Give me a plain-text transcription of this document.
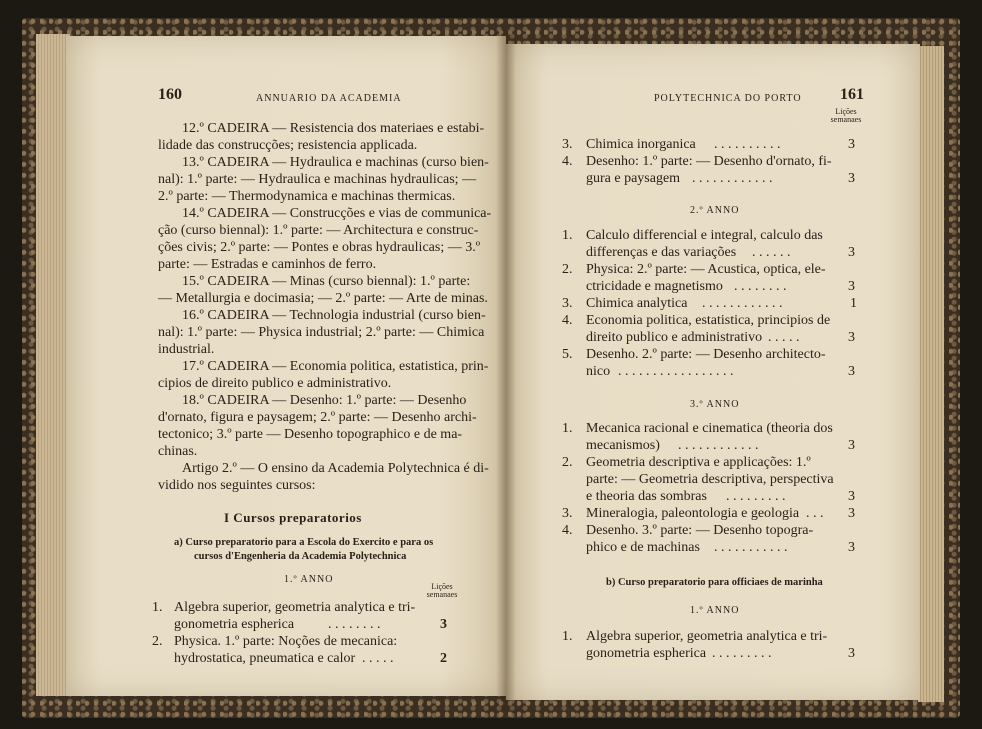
160	ANNUARIO DA ACADEMIA
12.º CADEIRA — Resistencia dos materiaes e estabi-
lidade das construcções; resistencia applicada.
13.º CADEIRA — Hydraulica e machinas (curso bien-
nal): 1.º parte: — Hydraulica e machinas hydraulicas; —
2.º parte: — Thermodynamica e machinas thermicas.
14.º CADEIRA — Construcções e vias de communica-
ção (curso biennal): 1.º parte: — Architectura e construc-
ções civis; 2.º parte: — Pontes e obras hydraulicas; — 3.º
parte: — Estradas e caminhos de ferro.
15.º CADEIRA — Minas (curso biennal): 1.º parte:
— Metallurgia e docimasia; — 2.º parte: — Arte de minas.
16.º CADEIRA — Technologia industrial (curso bien-
nal): 1.º parte: — Physica industrial; 2.º parte: — Chimica
industrial.
17.º CADEIRA — Economia politica, estatistica, prin-
cipios de direito publico e administrativo.
18.º CADEIRA — Desenho: 1.º parte: — Desenho
d'ornato, figura e paysagem; 2.º parte: — Desenho archi-
tectonico; 3.º parte — Desenho topographico e de ma-
chinas.
Artigo 2.º — O ensino da Academia Polytechnica é di-
vidido nos seguintes cursos:
I Cursos preparatorios
a) Curso preparatorio para a Escola do Exercito e para os
cursos d'Engenheria da Academia Polytechnica
1.º ANNO
Lições
semanaes
1. Algebra superior, geometria analytica e tri-
gonometria espherica . . . . . . . .	3
2. Physica. 1.º parte: Noções de mecanica:
hydrostatica, pneumatica e calor . . . . .	2
POLYTECHNICA DO PORTO 161
Lições
semanaes
3. Chimica inorganica . . . . . . . . . .	3
4. Desenho: 1.º parte: — Desenho d'ornato, fi-
gura e paysagem . . . . . . . . . . . .	3
2.º ANNO
1. Calculo differencial e integral, calculo das
differenças e das variações . . . . . .	3
2. Physica: 2.º parte: — Acustica, optica, ele-
ctricidade e magnetismo . . . . . . . .	3
3. Chimica analytica . . . . . . . . . . . .	1
4. Economia politica, estatistica, principios de
direito publico e administrativo . . . . .	3
5. Desenho. 2.º parte: — Desenho architecto-
nico . . . . . . . . . . . . . . . . .	3
3.º ANNO
1. Mecanica racional e cinematica (theoria dos
mecanismos) . . . . . . . . . . . .	3
2. Geometria descriptiva e applicações: 1.º
parte: — Geometria descriptiva, perspectiva
e theoria das sombras . . . . . . . . .	3
3. Mineralogia, paleontologia e geologia . . . 3
4. Desenho. 3.º parte: — Desenho topogra-
phico e de machinas . . . . . . . . . . .	3
b) Curso preparatorio para officiaes de marinha
1.º ANNO
1. Algebra superior, geometria analytica e tri-
gonometria espherica . . . . . . . . .	3
